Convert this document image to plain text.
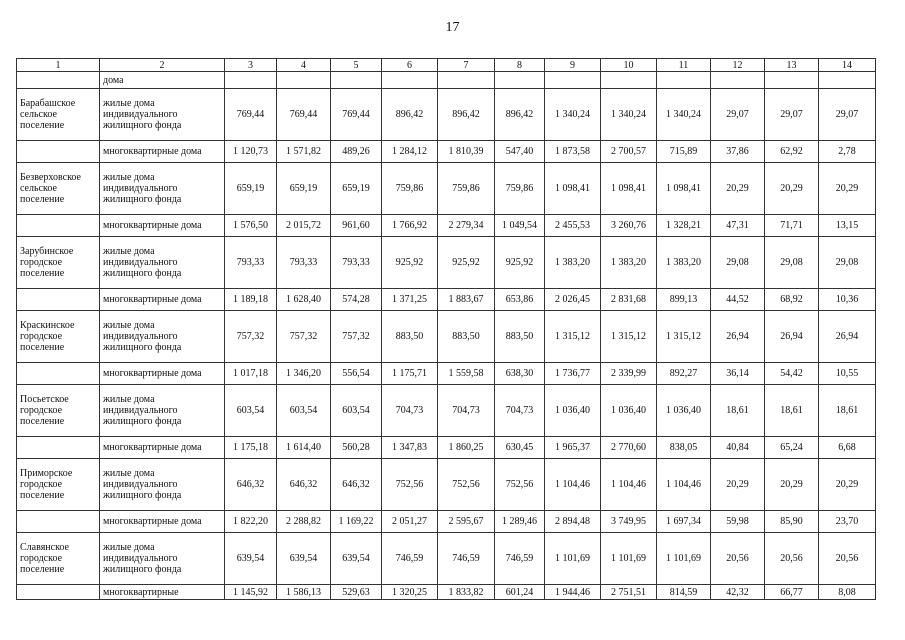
17
1	2	3	4	5	6	7	8	9	10	11	12	13	14
	дома												
Барабашское сельское поселение	жилые дома индивидуального жилищного фонда	769,44	769,44	769,44	896,42	896,42	896,42	1 340,24	1 340,24	1 340,24	29,07	29,07	29,07
	многоквартирные дома	1 120,73	1 571,82	489,26	1 284,12	1 810,39	547,40	1 873,58	2 700,57	715,89	37,86	62,92	2,78
Безверховское сельское поселение	жилые дома индивидуального жилищного фонда	659,19	659,19	659,19	759,86	759,86	759,86	1 098,41	1 098,41	1 098,41	20,29	20,29	20,29
	многоквартирные дома	1 576,50	2 015,72	961,60	1 766,92	2 279,34	1 049,54	2 455,53	3 260,76	1 328,21	47,31	71,71	13,15
Зарубинское городское поселение	жилые дома индивидуального жилищного фонда	793,33	793,33	793,33	925,92	925,92	925,92	1 383,20	1 383,20	1 383,20	29,08	29,08	29,08
	многоквартирные дома	1 189,18	1 628,40	574,28	1 371,25	1 883,67	653,86	2 026,45	2 831,68	899,13	44,52	68,92	10,36
Краскинское городское поселение	жилые дома индивидуального жилищного фонда	757,32	757,32	757,32	883,50	883,50	883,50	1 315,12	1 315,12	1 315,12	26,94	26,94	26,94
	многоквартирные дома	1 017,18	1 346,20	556,54	1 175,71	1 559,58	638,30	1 736,77	2 339,99	892,27	36,14	54,42	10,55
Посьетское городское поселение	жилые дома индивидуального жилищного фонда	603,54	603,54	603,54	704,73	704,73	704,73	1 036,40	1 036,40	1 036,40	18,61	18,61	18,61
	многоквартирные дома	1 175,18	1 614,40	560,28	1 347,83	1 860,25	630,45	1 965,37	2 770,60	838,05	40,84	65,24	6,68
Приморское городское поселение	жилые дома индивидуального жилищного фонда	646,32	646,32	646,32	752,56	752,56	752,56	1 104,46	1 104,46	1 104,46	20,29	20,29	20,29
	многоквартирные дома	1 822,20	2 288,82	1 169,22	2 051,27	2 595,67	1 289,46	2 894,48	3 749,95	1 697,34	59,98	85,90	23,70
Славянское городское поселение	жилые дома индивидуального жилищного фонда	639,54	639,54	639,54	746,59	746,59	746,59	1 101,69	1 101,69	1 101,69	20,56	20,56	20,56
	многоквартирные	1 145,92	1 586,13	529,63	1 320,25	1 833,82	601,24	1 944,46	2 751,51	814,59	42,32	66,77	8,08
